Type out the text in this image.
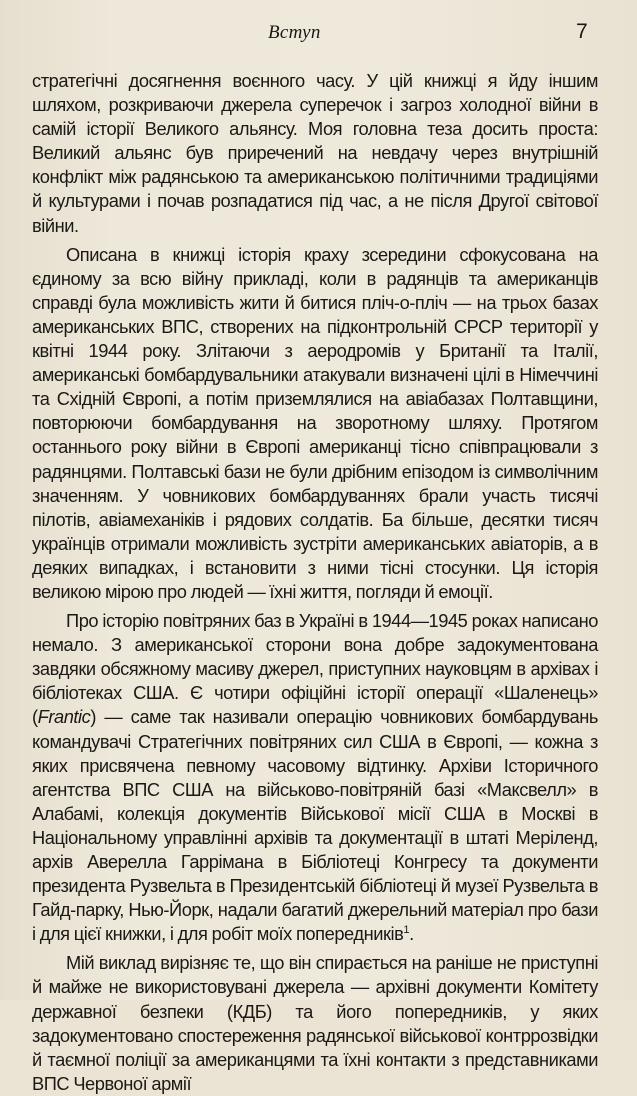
Вступ	7

стратегічні досягнення воєнного часу. У цій книжці я йду іншим шляхом, розкриваючи джерела суперечок і загроз холодної війни в самій історії Великого альянсу. Моя головна теза досить проста: Великий альянс був приречений на невдачу через внутрішній конфлікт між радянською та американською політичними традиціями й культурами і почав розпадатися під час, а не після Другої світової війни.

Описана в книжці історія краху зсередини сфокусована на єдиному за всю війну прикладі, коли в радянців та американців справді була можливість жити й битися пліч-о-пліч — на трьох базах американських ВПС, створених на підконтрольній СРСР території у квітні 1944 року. Злітаючи з аеродромів у Британії та Італії, американські бомбардувальники атакували визначені цілі в Німеччині та Східній Європі, а потім приземлялися на авіабазах Полтавщини, повторюючи бомбардування на зворотному шляху. Протягом останнього року війни в Європі американці тісно співпрацювали з радянцями. Полтавські бази не були дрібним епізодом із символічним значенням. У човникових бомбардуваннях брали участь тисячі пілотів, авіамеханіків і рядових солдатів. Ба більше, десятки тисяч українців отримали можливість зустріти американських авіаторів, а в деяких випадках, і встановити з ними тісні стосунки. Ця історія великою мірою про людей — їхні життя, погляди й емоції.

Про історію повітряних баз в Україні в 1944—1945 роках написано немало. З американської сторони вона добре задокументована завдяки обсяжному масиву джерел, приступних науковцям в архівах і бібліотеках США. Є чотири офіційні історії операції «Шаленець» (Frantic) — саме так називали операцію човникових бомбардувань командувачі Стратегічних повітряних сил США в Європі, — кожна з яких присвячена певному часовому відтинку. Архіви Історичного агентства ВПС США на військово-повітряній базі «Максвелл» в Алабамі, колекція документів Військової місії США в Москві в Національному управлінні архівів та документації в штаті Меріленд, архів Аверелла Гаррімана в Бібліотеці Конгресу та документи президента Рузвельта в Президентській бібліотеці й музеї Рузвельта в Гайд-парку, Нью-Йорк, надали багатий джерельний матеріал про бази і для цієї книжки, і для робіт моїх попередників$^1$.

Мій виклад вирізняє те, що він спирається на раніше не приступні й майже не використовувані джерела — архівні документи Комітету державної безпеки (КДБ) та його попередників, у яких задокументовано спостереження радянської військової контррозвідки й таємної поліції за американцями та їхні контакти з представниками ВПС Червоної армії
